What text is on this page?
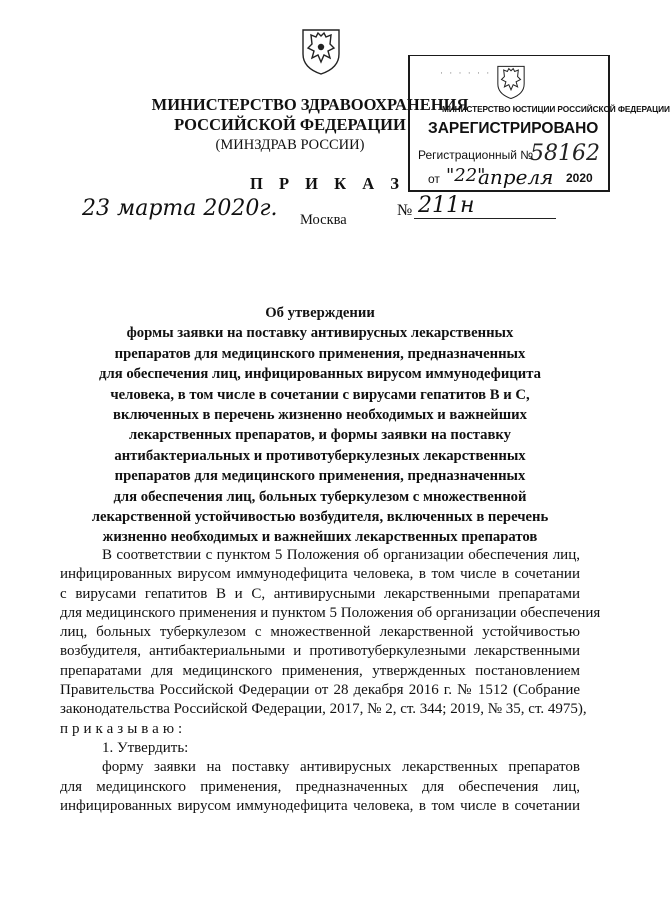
МИНИСТЕРСТВО ЗДРАВООХРАНЕНИЯ
РОССИЙСКОЙ ФЕДЕРАЦИИ
(МИНЗДРАВ РОССИИ)
П Р И К А З
· · · · · ·
МИНИСТЕРСТВО ЮСТИЦИИ РОССИЙСКОЙ ФЕДЕРАЦИИ
ЗАРЕГИСТРИРОВАНО
Регистрационный №
58162
от "22"
апреля 2020
23 марта 2020г.	№ 211н
Москва
Об утверждении
формы заявки на поставку антивирусных лекарственных
препаратов для медицинского применения, предназначенных
для обеспечения лиц, инфицированных вирусом иммунодефицита
человека, в том числе в сочетании с вирусами гепатитов B и C,
включенных в перечень жизненно необходимых и важнейших
лекарственных препаратов, и формы заявки на поставку
антибактериальных и противотуберкулезных лекарственных
препаратов для медицинского применения, предназначенных
для обеспечения лиц, больных туберкулезом с множественной
лекарственной устойчивостью возбудителя, включенных в перечень
жизненно необходимых и важнейших лекарственных препаратов
В соответствии с пунктом 5 Положения об организации обеспечения лиц,
инфицированных вирусом иммунодефицита человека, в том числе в сочетании
с вирусами гепатитов B и C, антивирусными лекарственными препаратами
для медицинского применения и пунктом 5 Положения об организации обеспечения
лиц, больных туберкулезом с множественной лекарственной устойчивостью
возбудителя, антибактериальными и противотуберкулезными лекарственными
препаратами для медицинского применения, утвержденных постановлением
Правительства Российской Федерации от 28 декабря 2016 г. № 1512 (Собрание
законодательства Российской Федерации, 2017, № 2, ст. 344; 2019, № 35, ст. 4975),
приказываю:
1. Утвердить:
форму заявки на поставку антивирусных лекарственных препаратов
для медицинского применения, предназначенных для обеспечения лиц,
инфицированных вирусом иммунодефицита человека, в том числе в сочетании
